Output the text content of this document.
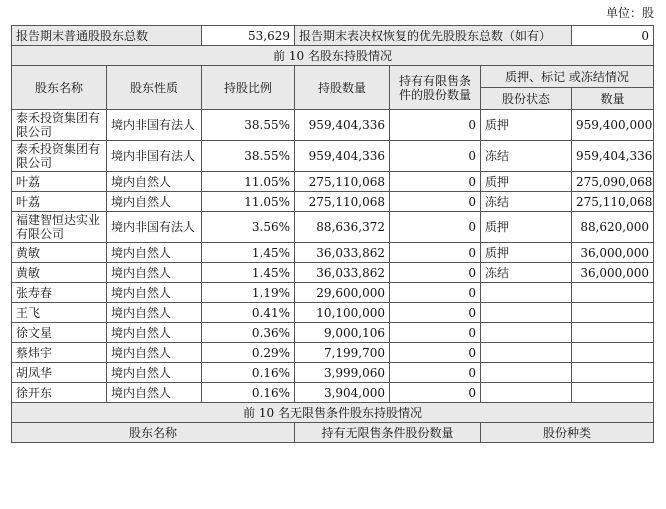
单位：股
报告期末普通股股东总数		53,629	报告期末表决权恢复的优先股股东总数（如有）			0
前 10 名股东持股情况						
股东名称	股东性质	持股比例	持股数量	持有有限售条件的股份数量	质押、标记 或冻结情况	
					股份状态	数量
泰禾投资集团有限公司	境内非国有法人	38.55%	959,404,336	0	质押	959,400,000
泰禾投资集团有限公司	境内非国有法人	38.55%	959,404,336	0	冻结	959,404,336
叶荔	境内自然人	11.05%	275,110,068	0	质押	275,090,068
叶荔	境内自然人	11.05%	275,110,068	0	冻结	275,110,068
福建智恒达实业有限公司	境内非国有法人	3.56%	88,636,372	0	质押	88,620,000
黄敏	境内自然人	1.45%	36,033,862	0	质押	36,000,000
黄敏	境内自然人	1.45%	36,033,862	0	冻结	36,000,000
张寿春	境内自然人	1.19%	29,600,000	0		
王飞	境内自然人	0.41%	10,100,000	0		
徐文星	境内自然人	0.36%	9,000,106	0		
蔡炜宇	境内自然人	0.29%	7,199,700	0		
胡凤华	境内自然人	0.16%	3,999,060	0		
徐开东	境内自然人	0.16%	3,904,000	0		
前 10 名无限售条件股东持股情况						
股东名称			持有无限售条件股份数量		股份种类	
